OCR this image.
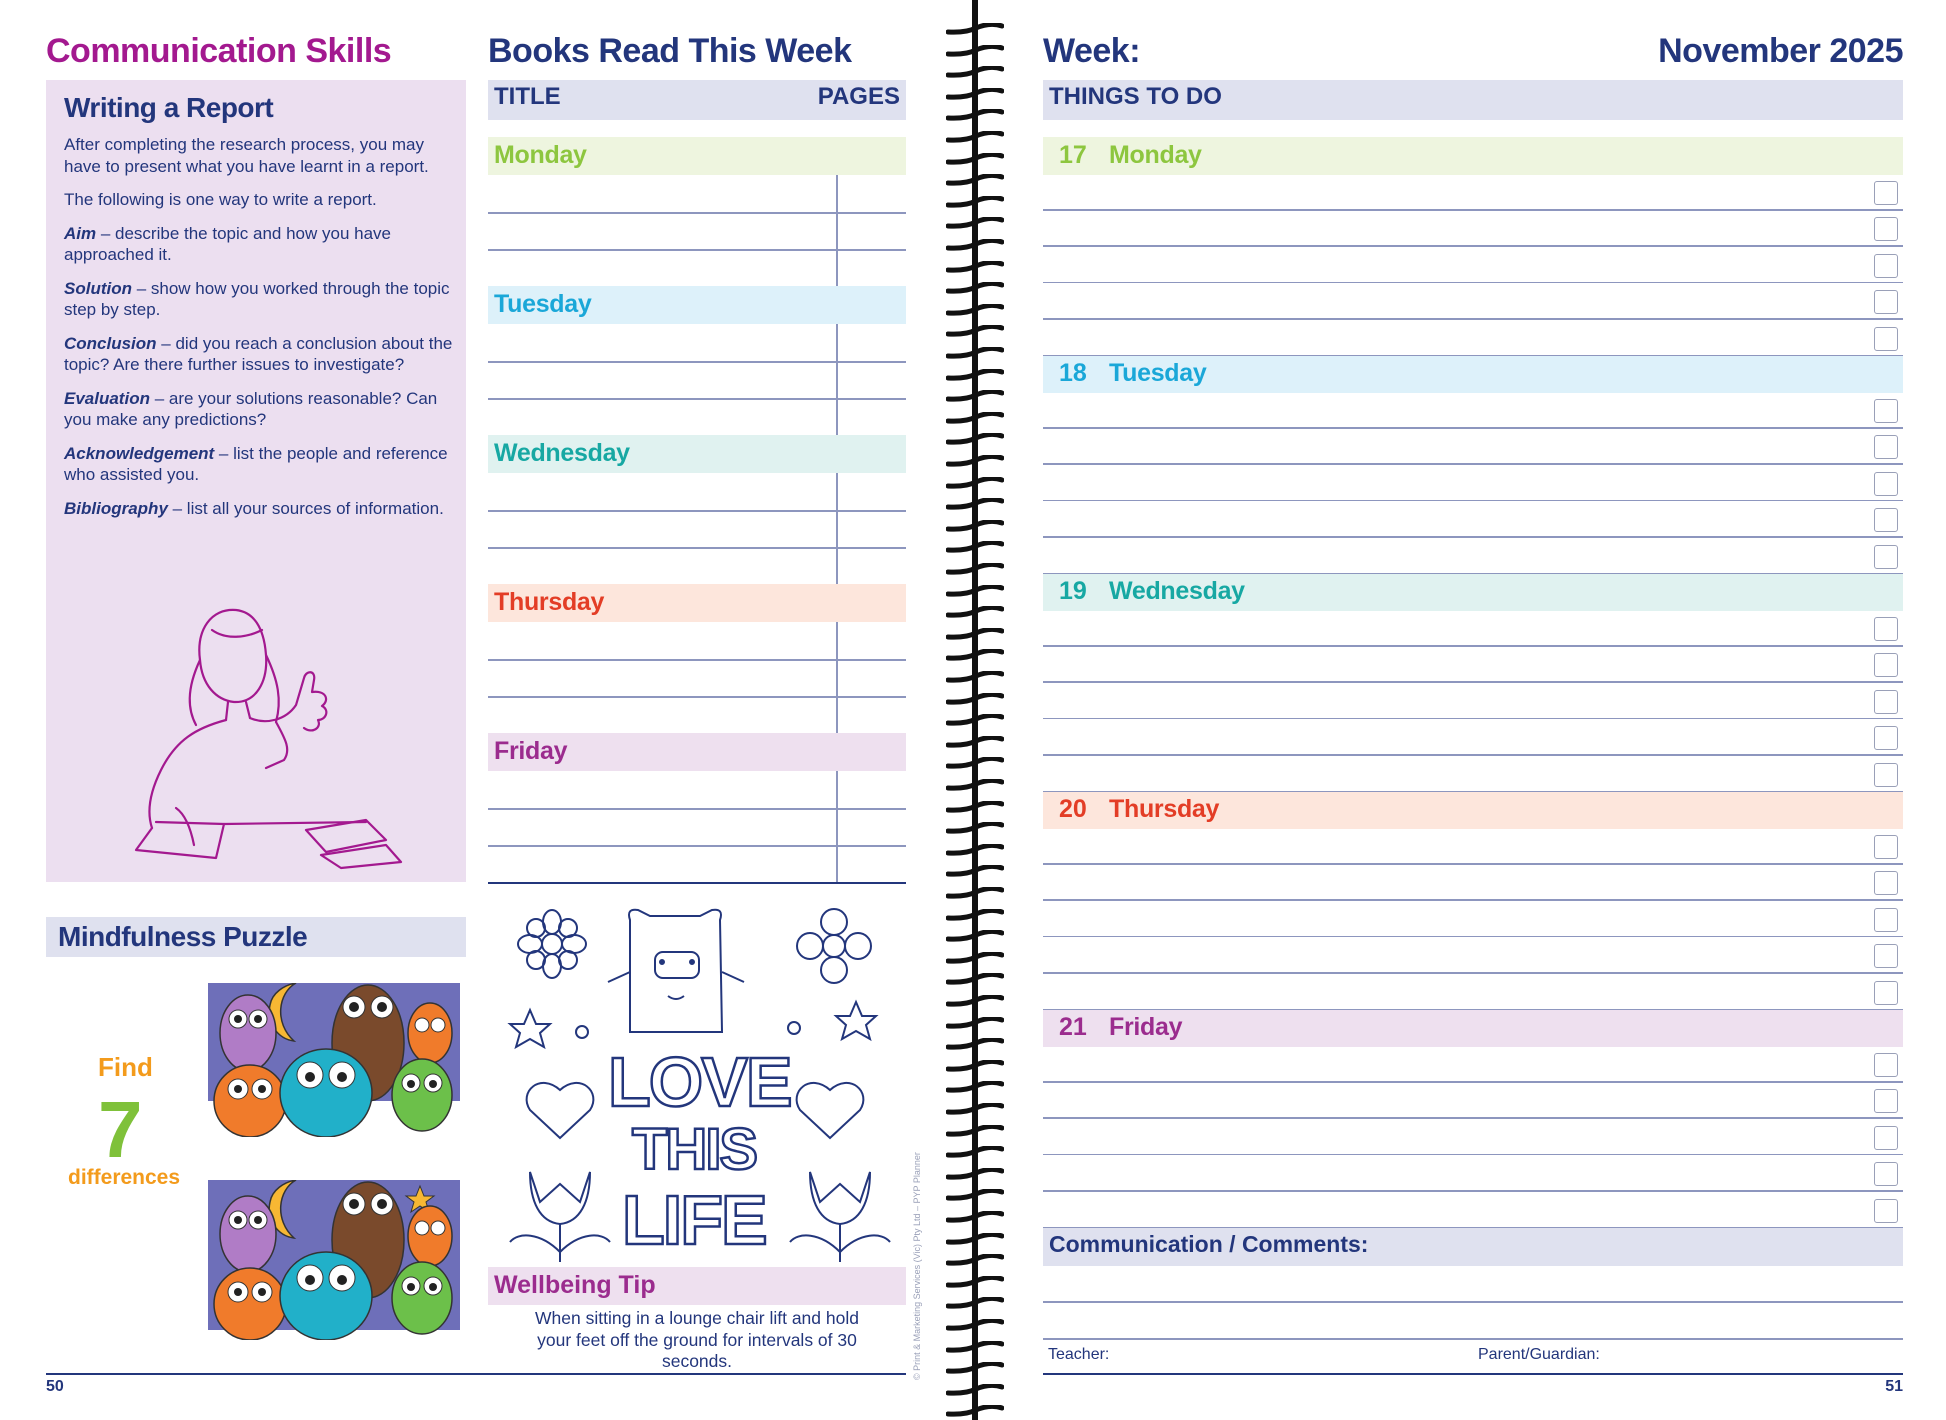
Communication Skills
Writing a Report

After completing the research process, you may have to present what you have learnt in a report.

The following is one way to write a report.

Aim – describe the topic and how you have approached it.

Solution – show how you worked through the topic step by step.

Conclusion – did you reach a conclusion about the topic? Are there further issues to investigate?

Evaluation – are your solutions reasonable? Can you make any predictions?

Acknowledgement – list the people and reference who assisted you.

Bibliography – list all your sources of information.

Mindfulness Puzzle
Find
7
differences
Books Read This Week
TITLE	PAGES
Monday
Tuesday
Wednesday
Thursday
Friday
LOVE
THIS
LIFE
Wellbeing Tip
When sitting in a lounge chair lift and hold your feet off the ground for intervals of 30 seconds.	© Print & Marketing Services (Vic) Pty Ltd – PYP Planner
50
Week:	November 2025
THINGS TO DO
17 Monday
18 Tuesday
19 Wednesday
20 Thursday
21 Friday
Communication / Comments:
Teacher:	Parent/Guardian:
51
